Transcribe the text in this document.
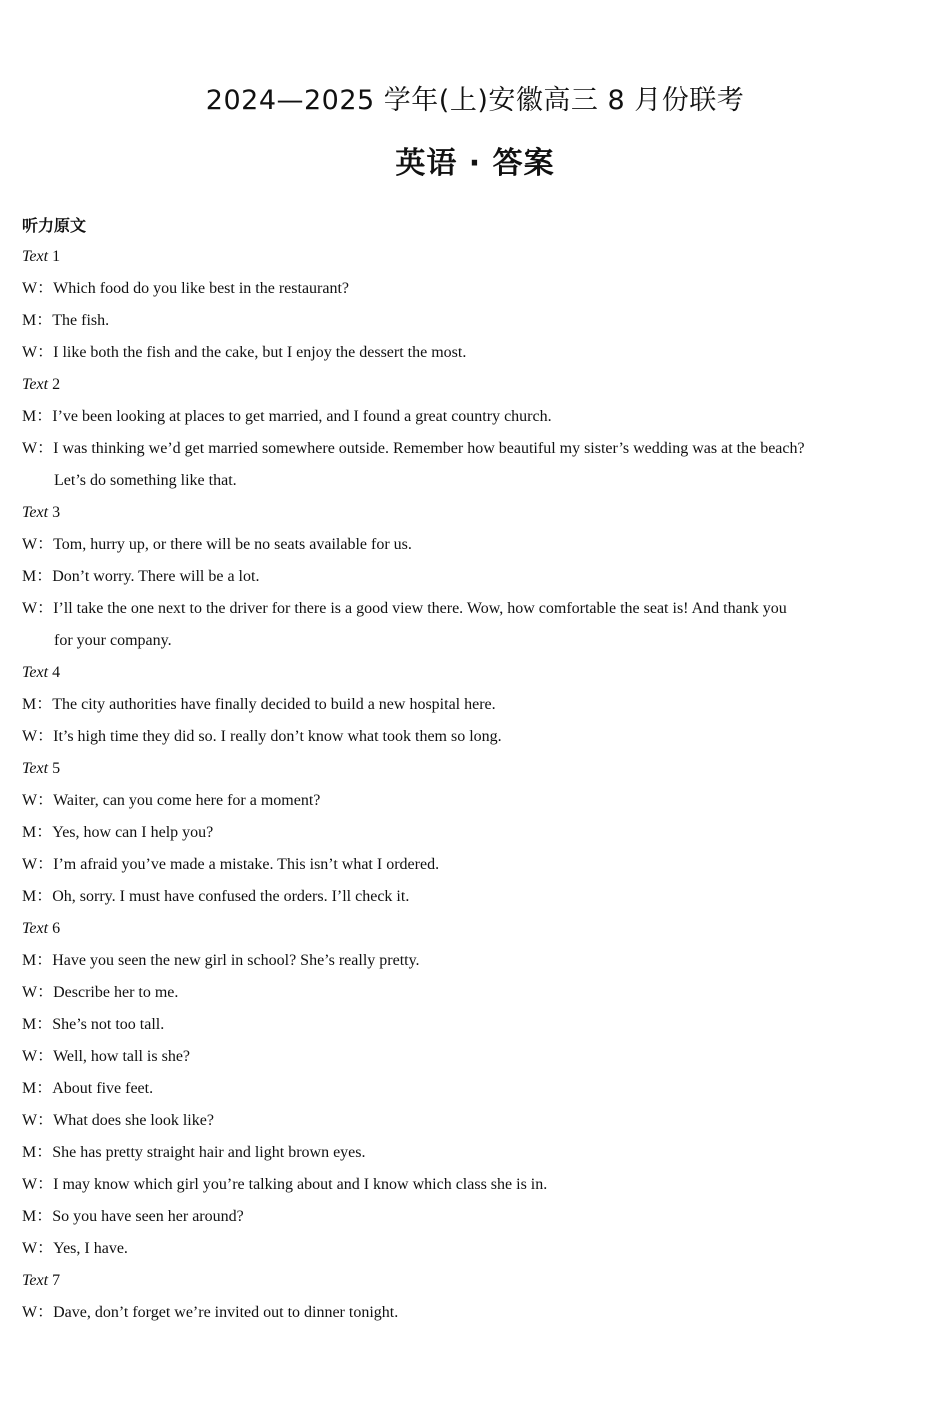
2024—2025 学年(上)安徽高三 8 月份联考
英语 · 答案
听力原文
Text 1
W：Which food do you like best in the restaurant?
M：The fish.
W：I like both the fish and the cake, but I enjoy the dessert the most.
Text 2
M：I’ve been looking at places to get married, and I found a great country church.
W：I was thinking we’d get married somewhere outside. Remember how beautiful my sister’s wedding was at the beach?
Let’s do something like that.
Text 3
W：Tom, hurry up, or there will be no seats available for us.
M：Don’t worry. There will be a lot.
W：I’ll take the one next to the driver for there is a good view there. Wow, how comfortable the seat is! And thank you
for your company.
Text 4
M：The city authorities have finally decided to build a new hospital here.
W：It’s high time they did so. I really don’t know what took them so long.
Text 5
W：Waiter, can you come here for a moment?
M：Yes, how can I help you?
W：I’m afraid you’ve made a mistake. This isn’t what I ordered.
M：Oh, sorry. I must have confused the orders. I’ll check it.
Text 6
M：Have you seen the new girl in school? She’s really pretty.
W：Describe her to me.
M：She’s not too tall.
W：Well, how tall is she?
M：About five feet.
W：What does she look like?
M：She has pretty straight hair and light brown eyes.
W：I may know which girl you’re talking about and I know which class she is in.
M：So you have seen her around?
W：Yes, I have.
Text 7
W：Dave, don’t forget we’re invited out to dinner tonight.
